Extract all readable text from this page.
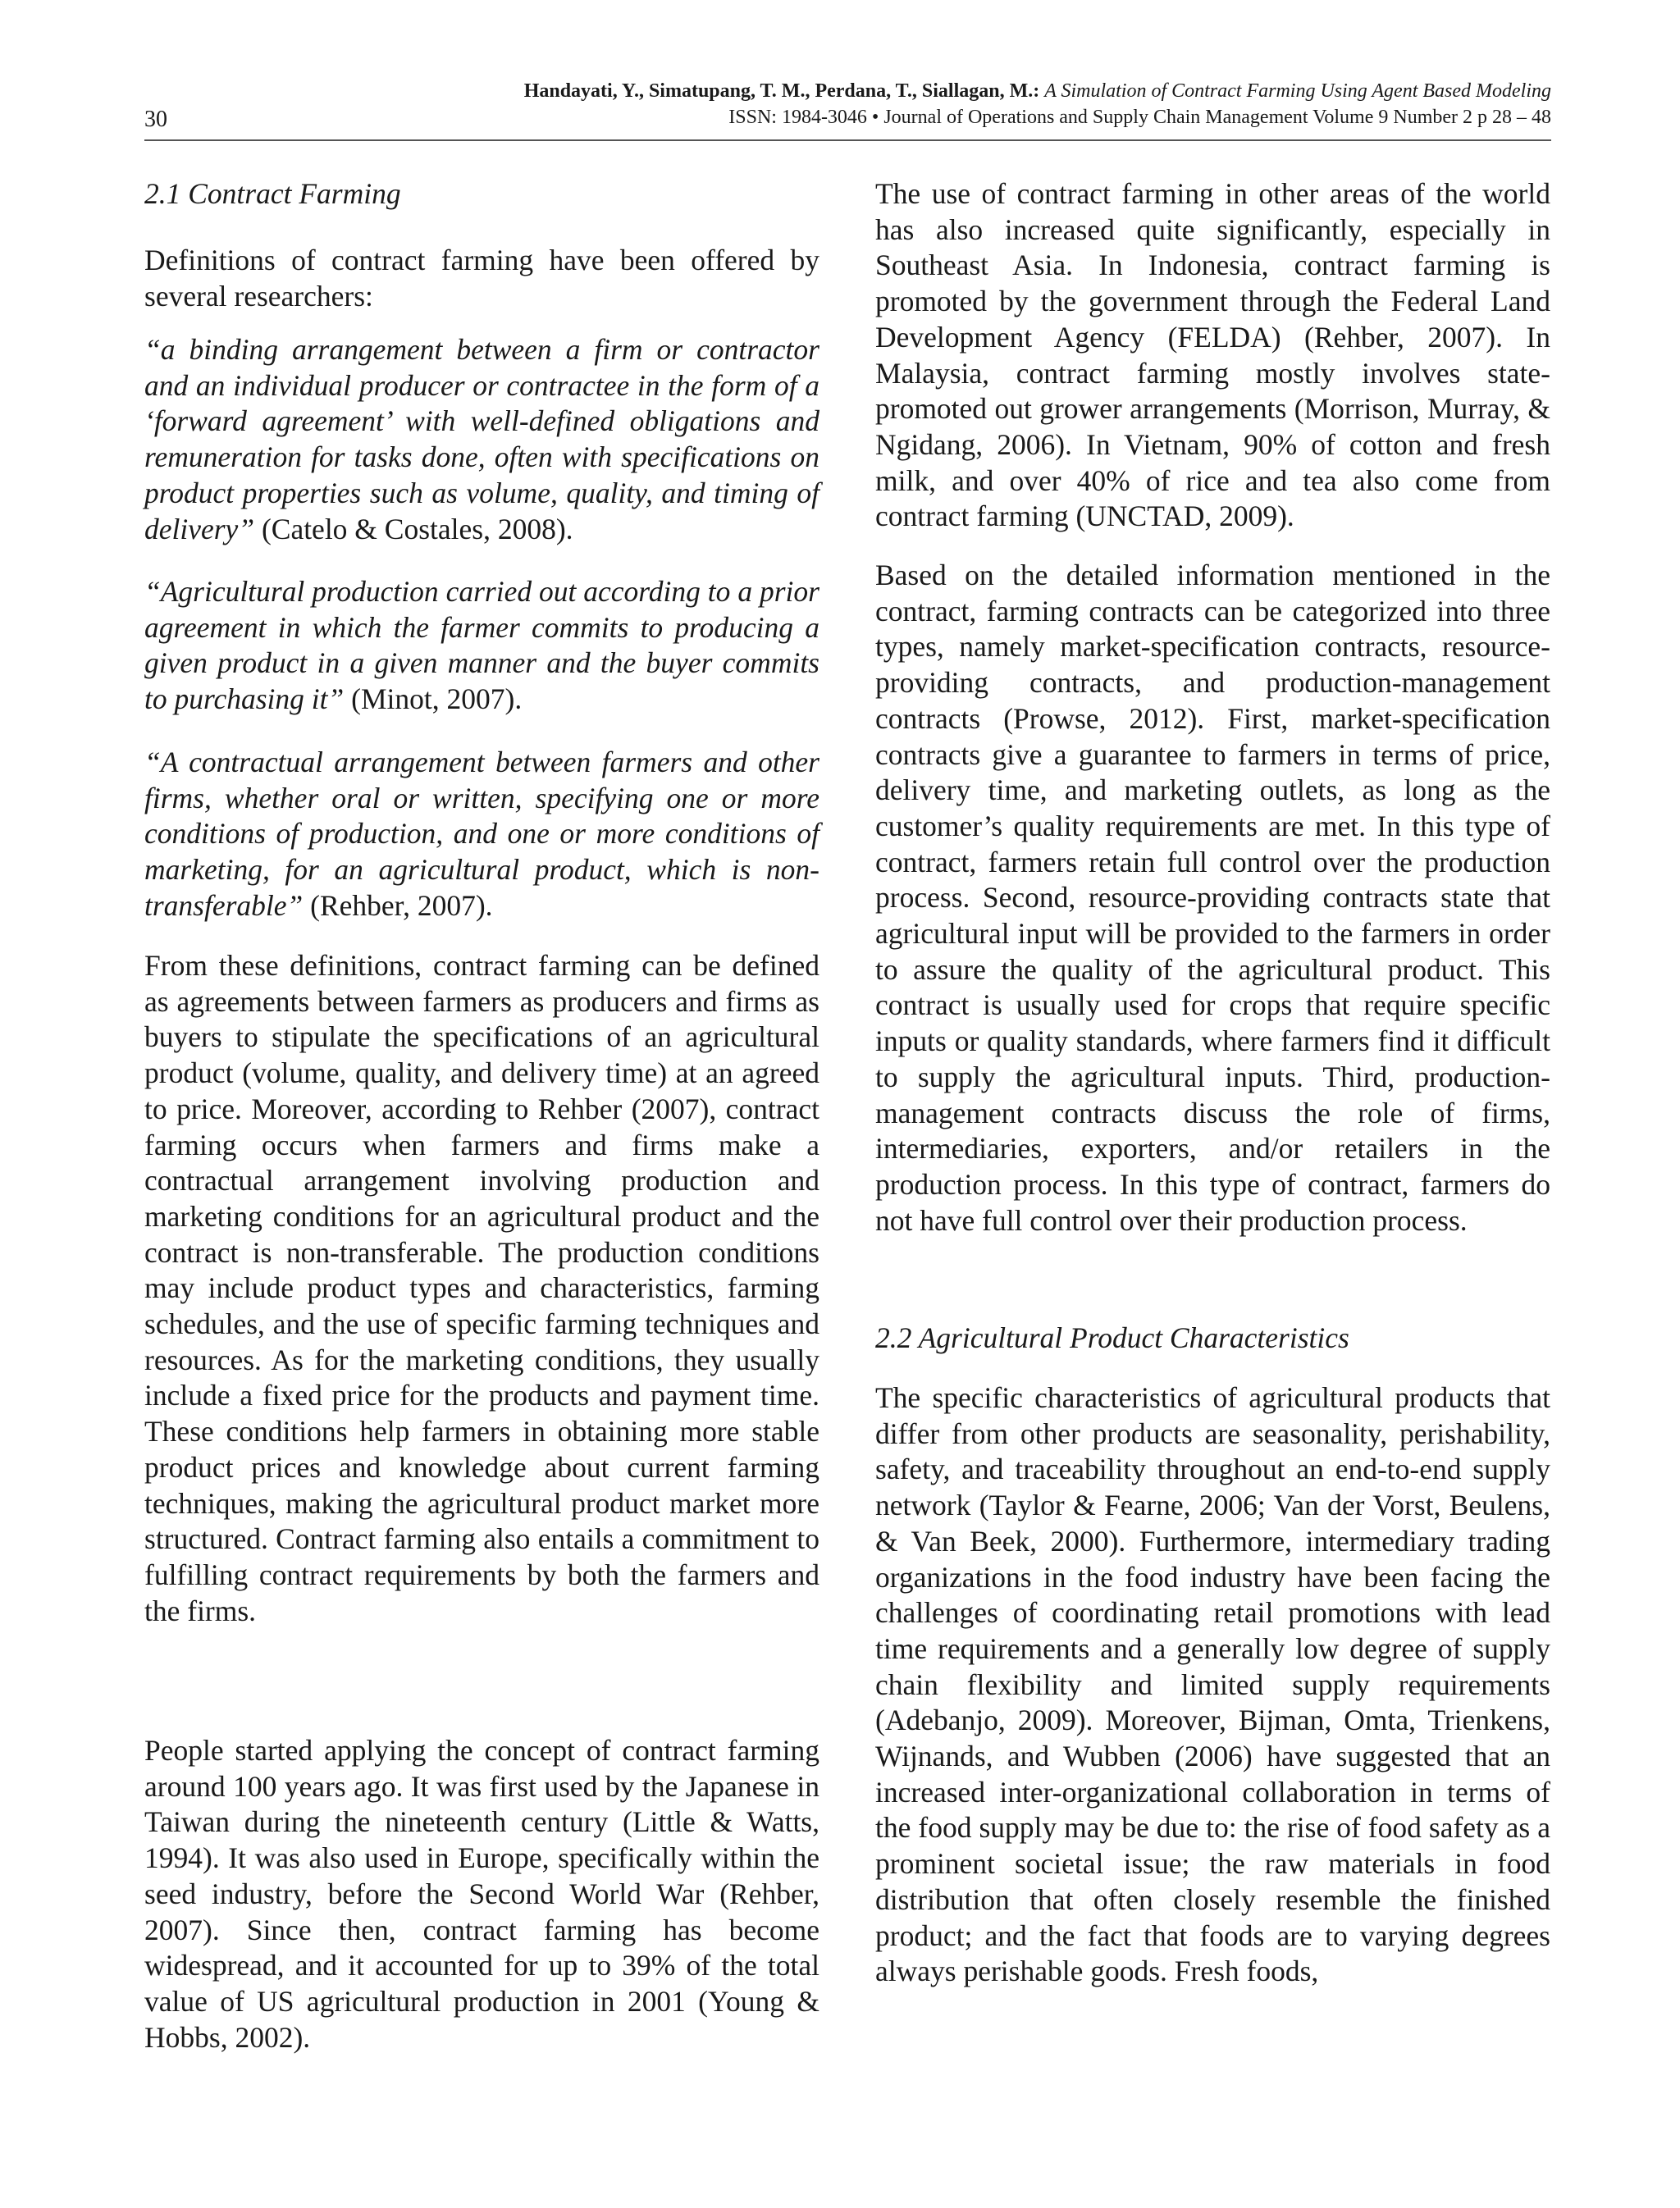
Handayati, Y., Simatupang, T. M., Perdana, T., Siallagan, M.: A Simulation of Contract Farming Using Agent Based Modeling
ISSN: 1984-3046 • Journal of Operations and Supply Chain Management Volume 9 Number 2 p 28 – 48
30
2.1 Contract Farming
Definitions of contract farming have been offered by several researchers:
“a binding arrangement between a firm or contractor and an individual producer or contractee in the form of a ‘forward agreement’ with well-defined obligations and remuneration for tasks done, often with specifications on product properties such as volume, quality, and timing of delivery” (Catelo & Costales, 2008).
“Agricultural production carried out according to a prior agreement in which the farmer commits to producing a given product in a given manner and the buyer commits to purchasing it” (Minot, 2007).
“A contractual arrangement between farmers and other firms, whether oral or written, specifying one or more conditions of production, and one or more conditions of marketing, for an agricultural product, which is non-transferable” (Rehber, 2007).
From these definitions, contract farming can be defined as agreements between farmers as producers and firms as buyers to stipulate the specifications of an agricultural product (volume, quality, and delivery time) at an agreed to price. Moreover, according to Rehber (2007), contract farming occurs when farmers and firms make a contractual arrangement involving production and marketing conditions for an agricultural product and the contract is non-transferable. The production conditions may include product types and characteristics, farming schedules, and the use of specific farming techniques and resources. As for the marketing conditions, they usually include a fixed price for the products and payment time. These conditions help farmers in obtaining more stable product prices and knowledge about current farming techniques, making the agricultural product market more structured. Contract farming also entails a commitment to fulfilling contract requirements by both the farmers and the firms.
People started applying the concept of contract farming around 100 years ago. It was first used by the Japanese in Taiwan during the nineteenth century (Little & Watts, 1994). It was also used in Europe, specifically within the seed industry, before the Second World War (Rehber, 2007). Since then, contract farming has become widespread, and it accounted for up to 39% of the total value of US agricultural production in 2001 (Young & Hobbs, 2002).
The use of contract farming in other areas of the world has also increased quite significantly, especially in Southeast Asia. In Indonesia, contract farming is promoted by the government through the Federal Land Development Agency (FELDA) (Rehber, 2007). In Malaysia, contract farming mostly involves state-promoted out grower arrangements (Morrison, Murray, & Ngidang, 2006). In Vietnam, 90% of cotton and fresh milk, and over 40% of rice and tea also come from contract farming (UNCTAD, 2009).
Based on the detailed information mentioned in the contract, farming contracts can be categorized into three types, namely market-specification contracts, resource-providing contracts, and production-management contracts (Prowse, 2012). First, market-specification contracts give a guarantee to farmers in terms of price, delivery time, and marketing outlets, as long as the customer’s quality requirements are met. In this type of contract, farmers retain full control over the production process. Second, resource-providing contracts state that agricultural input will be provided to the farmers in order to assure the quality of the agricultural product. This contract is usually used for crops that require specific inputs or quality standards, where farmers find it difficult to supply the agricultural inputs. Third, production-management contracts discuss the role of firms, intermediaries, exporters, and/or retailers in the production process. In this type of contract, farmers do not have full control over their production process.
2.2 Agricultural Product Characteristics
The specific characteristics of agricultural products that differ from other products are seasonality, perishability, safety, and traceability throughout an end-to-end supply network (Taylor & Fearne, 2006; Van der Vorst, Beulens, & Van Beek, 2000). Furthermore, intermediary trading organizations in the food industry have been facing the challenges of coordinating retail promotions with lead time requirements and a generally low degree of supply chain flexibility and limited supply requirements (Adebanjo, 2009). Moreover, Bijman, Omta, Trienkens, Wijnands, and Wubben (2006) have suggested that an increased inter-organizational collaboration in terms of the food supply may be due to: the rise of food safety as a prominent societal issue; the raw materials in food distribution that often closely resemble the finished product; and the fact that foods are to varying degrees always perishable goods. Fresh foods,
